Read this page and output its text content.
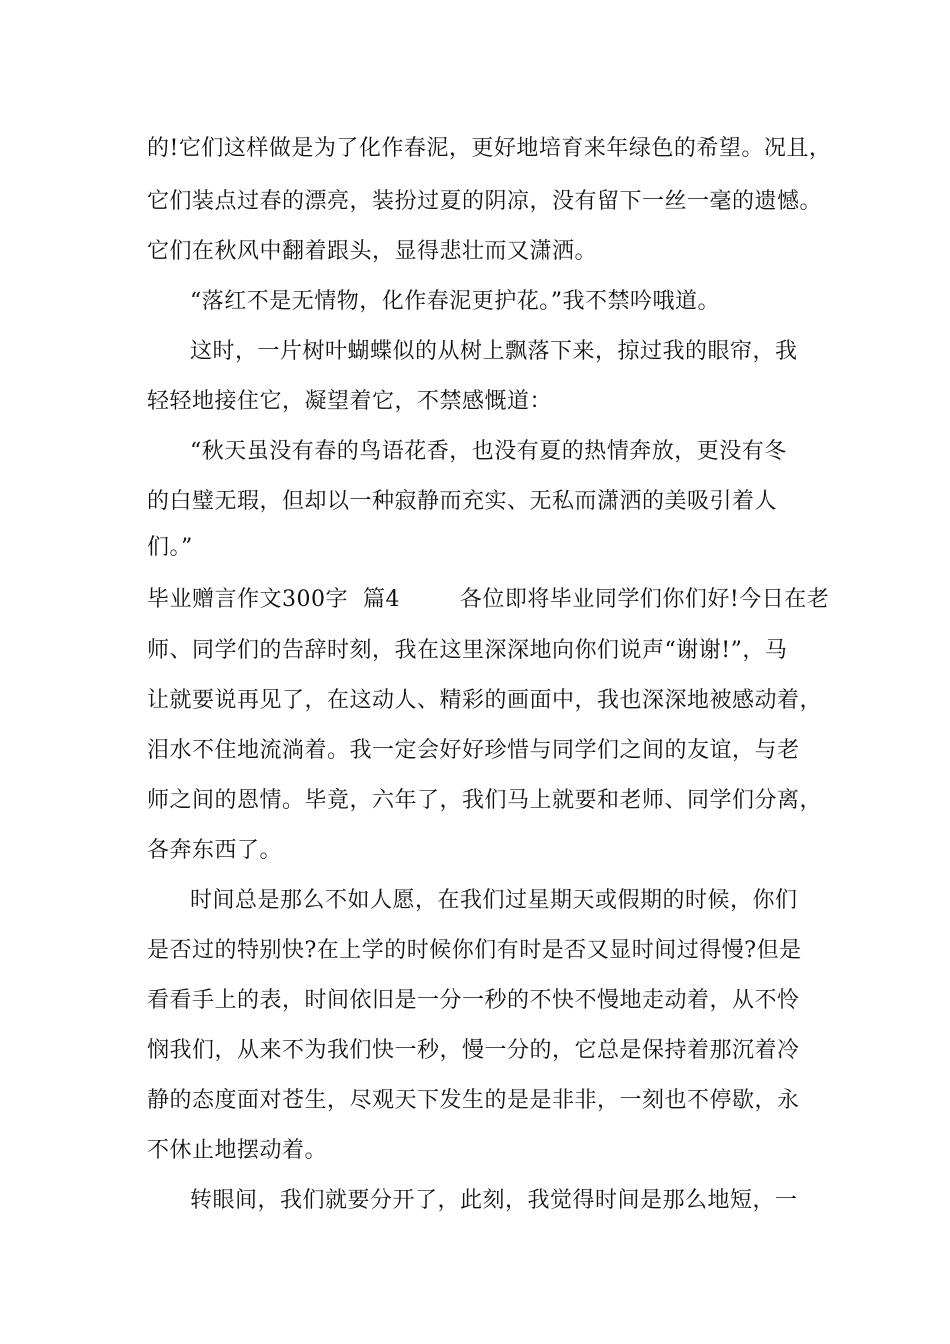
的!它们这样做是为了化作春泥，更好地培育来年绿色的希望。况且，
它们装点过春的漂亮，装扮过夏的阴凉，没有留下一丝一毫的遗憾。
它们在秋风中翻着跟头，显得悲壮而又潇洒。
“落红不是无情物，化作春泥更护花。”我不禁吟哦道。
这时，一片树叶蝴蝶似的从树上飘落下来，掠过我的眼帘，我
轻轻地接住它，凝望着它，不禁感慨道：
“秋天虽没有春的鸟语花香，也没有夏的热情奔放，更没有冬
的白璧无瑕，但却以一种寂静而充实、无私而潇洒的美吸引着人
们。”
毕业赠言作文300字  篇4        各位即将毕业同学们你们好!今日在老
师、同学们的告辞时刻，我在这里深深地向你们说声“谢谢!”，马
让就要说再见了，在这动人、精彩的画面中，我也深深地被感动着，
泪水不住地流淌着。我一定会好好珍惜与同学们之间的友谊，与老
师之间的恩情。毕竟，六年了，我们马上就要和老师、同学们分离，
各奔东西了。
时间总是那么不如人愿，在我们过星期天或假期的时候，你们
是否过的特别快?在上学的时候你们有时是否又显时间过得慢?但是
看看手上的表，时间依旧是一分一秒的不快不慢地走动着，从不怜
悯我们，从来不为我们快一秒，慢一分的，它总是保持着那沉着冷
静的态度面对苍生，尽观天下发生的是是非非，一刻也不停歇，永
不休止地摆动着。
转眼间，我们就要分开了，此刻，我觉得时间是那么地短，一
